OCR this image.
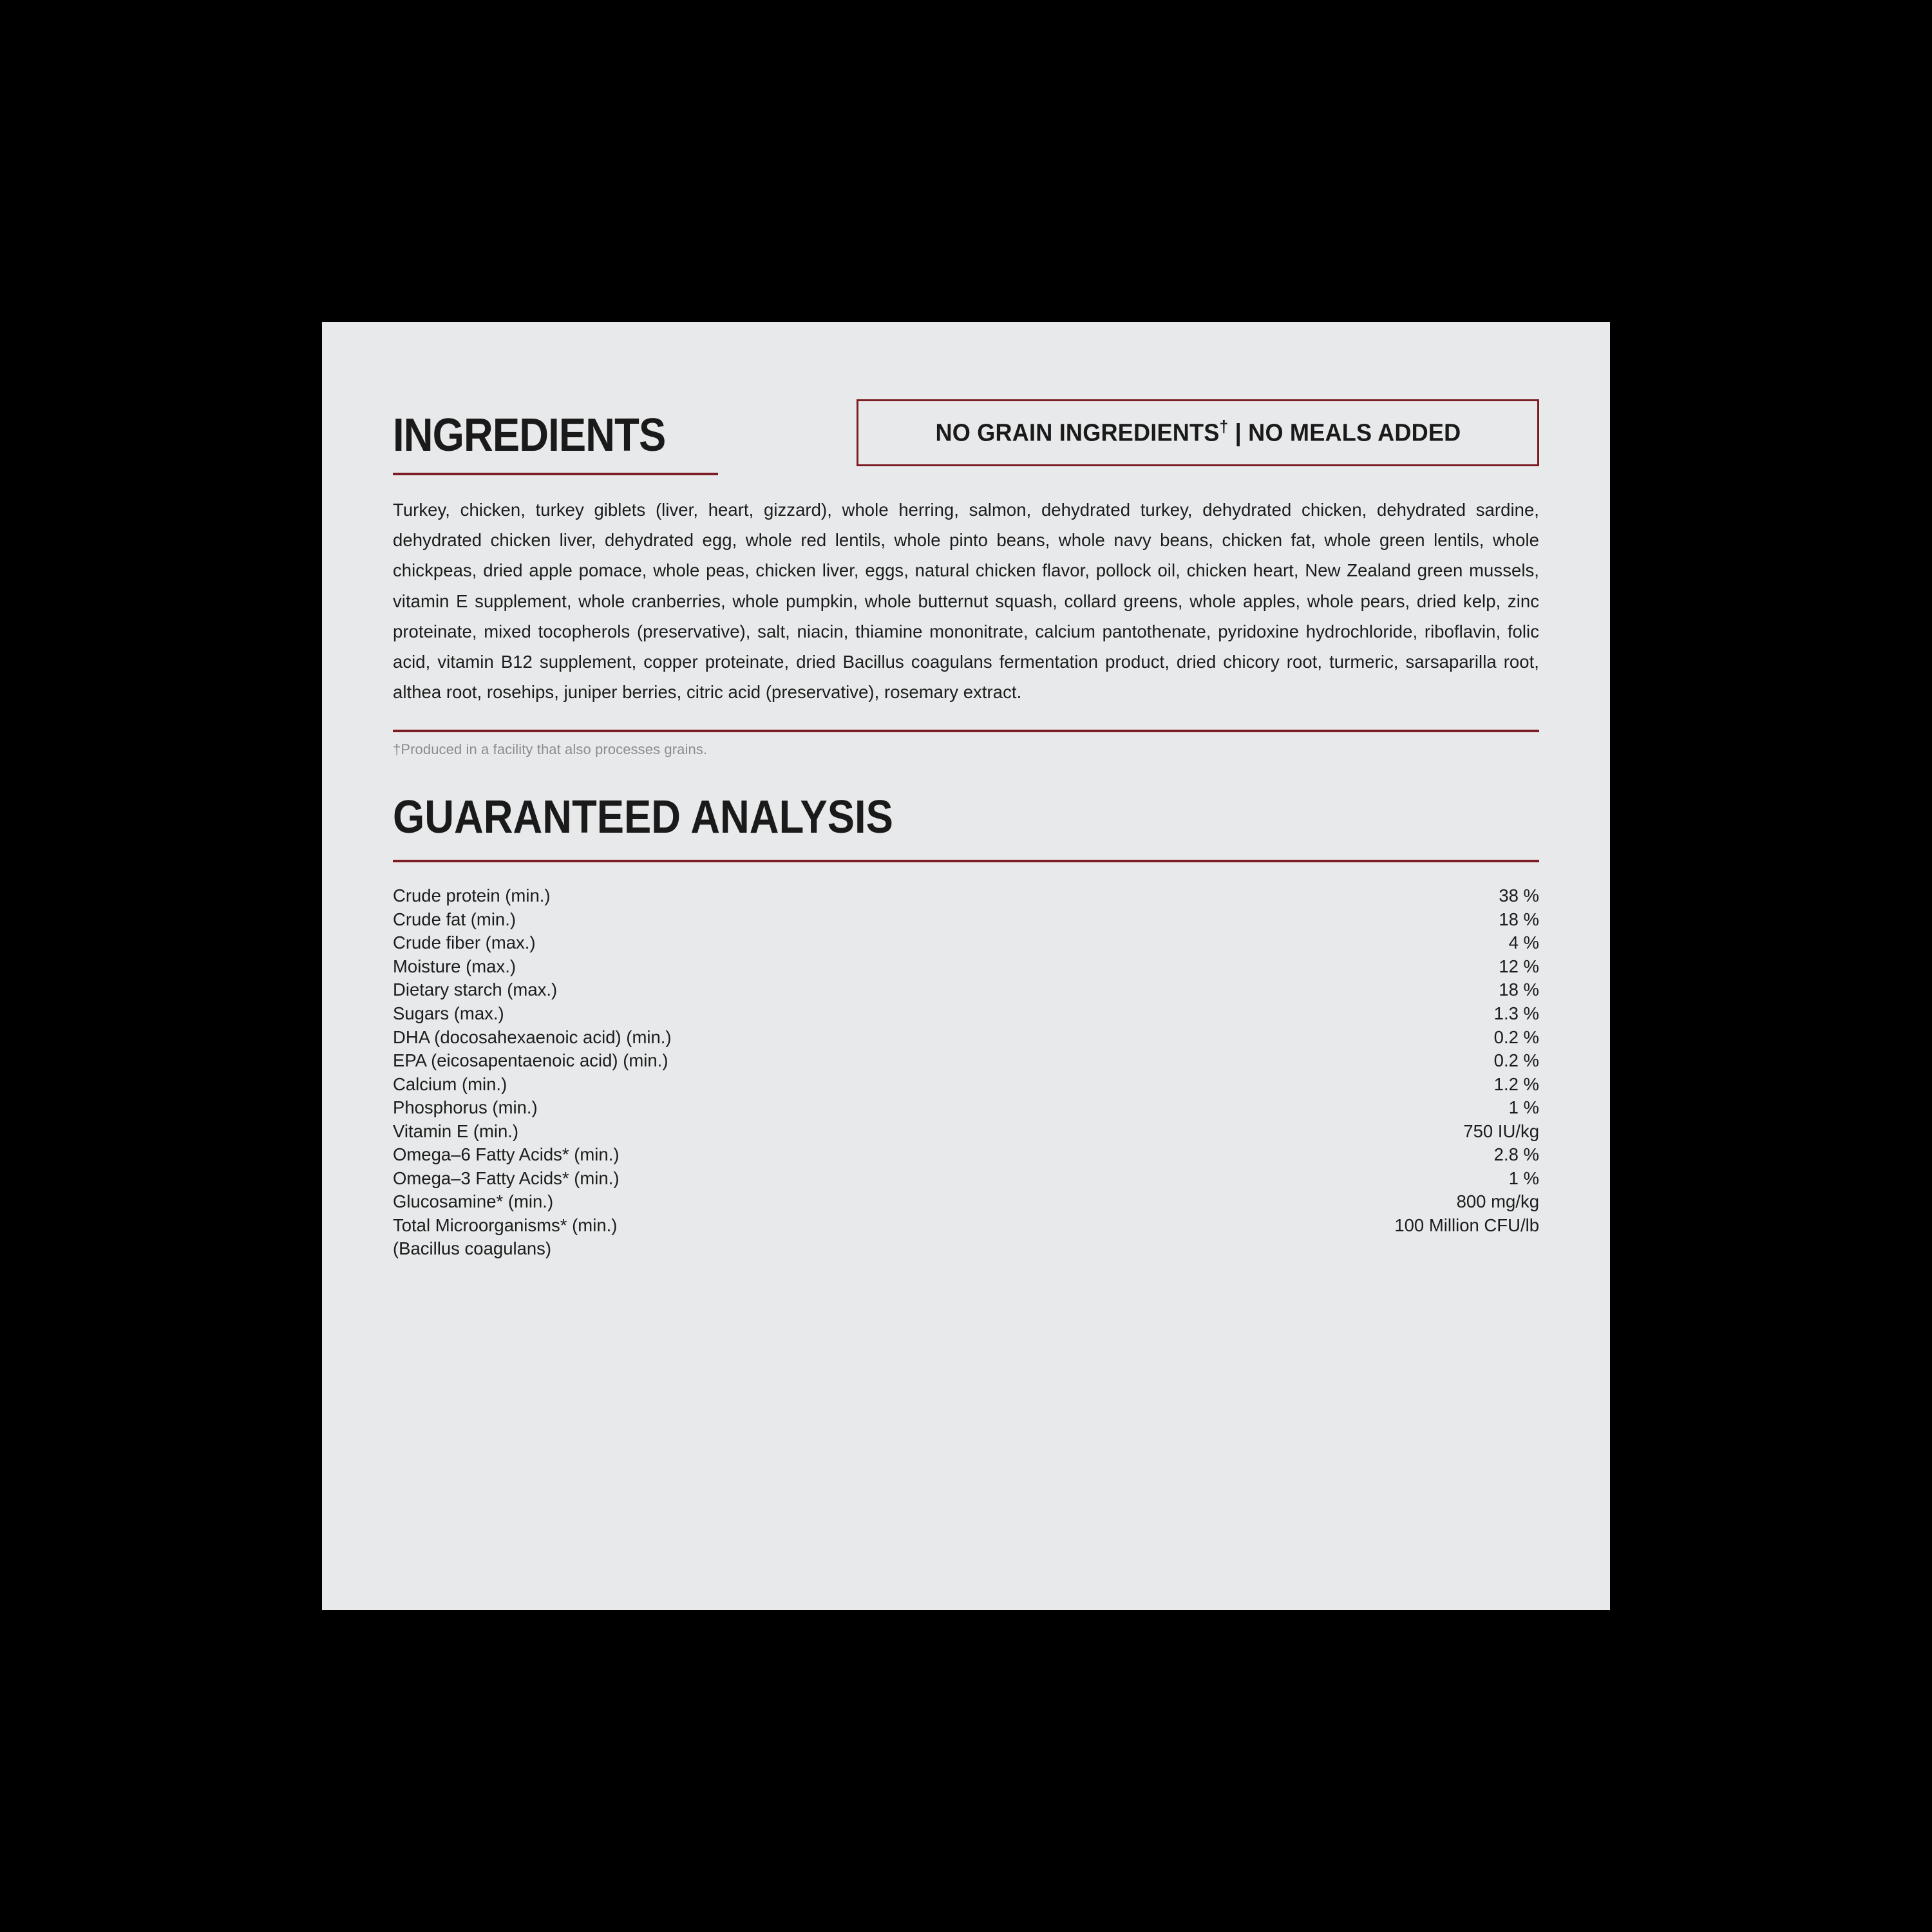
INGREDIENTS	NO GRAIN INGREDIENTS† | NO MEALS ADDED
Turkey, chicken, turkey giblets (liver, heart, gizzard), whole herring, salmon, dehydrated turkey, dehydrated chicken, dehydrated sardine, dehydrated chicken liver, dehydrated egg, whole red lentils, whole pinto beans, whole navy beans, chicken fat, whole green lentils, whole chickpeas, dried apple pomace, whole peas, chicken liver, eggs, natural chicken flavor, pollock oil, chicken heart, New Zealand green mussels, vitamin E supplement, whole cranberries, whole pumpkin, whole butternut squash, collard greens, whole apples, whole pears, dried kelp, zinc proteinate, mixed tocopherols (preservative), salt, niacin, thiamine mononitrate, calcium pantothenate, pyridoxine hydrochloride, riboflavin, folic acid, vitamin B12 supplement, copper proteinate, dried Bacillus coagulans fermentation product, dried chicory root, turmeric, sarsaparilla root, althea root, rosehips, juniper berries, citric acid (preservative), rosemary extract.
†Produced in a facility that also processes grains.
GUARANTEED ANALYSIS
Crude protein (min.)	38 %
Crude fat (min.)	18 %
Crude fiber (max.)	4 %
Moisture (max.)	12 %
Dietary starch (max.)	18 %
Sugars (max.)	1.3 %
DHA (docosahexaenoic acid) (min.)	0.2 %
EPA (eicosapentaenoic acid) (min.)	0.2 %
Calcium (min.)	1.2 %
Phosphorus (min.)	1 %
Vitamin E (min.)	750 IU/kg
Omega–6 Fatty Acids* (min.)	2.8 %
Omega–3 Fatty Acids* (min.)	1 %
Glucosamine* (min.)	800 mg/kg
Total Microorganisms* (min.)	100 Million CFU/lb
(Bacillus coagulans)
